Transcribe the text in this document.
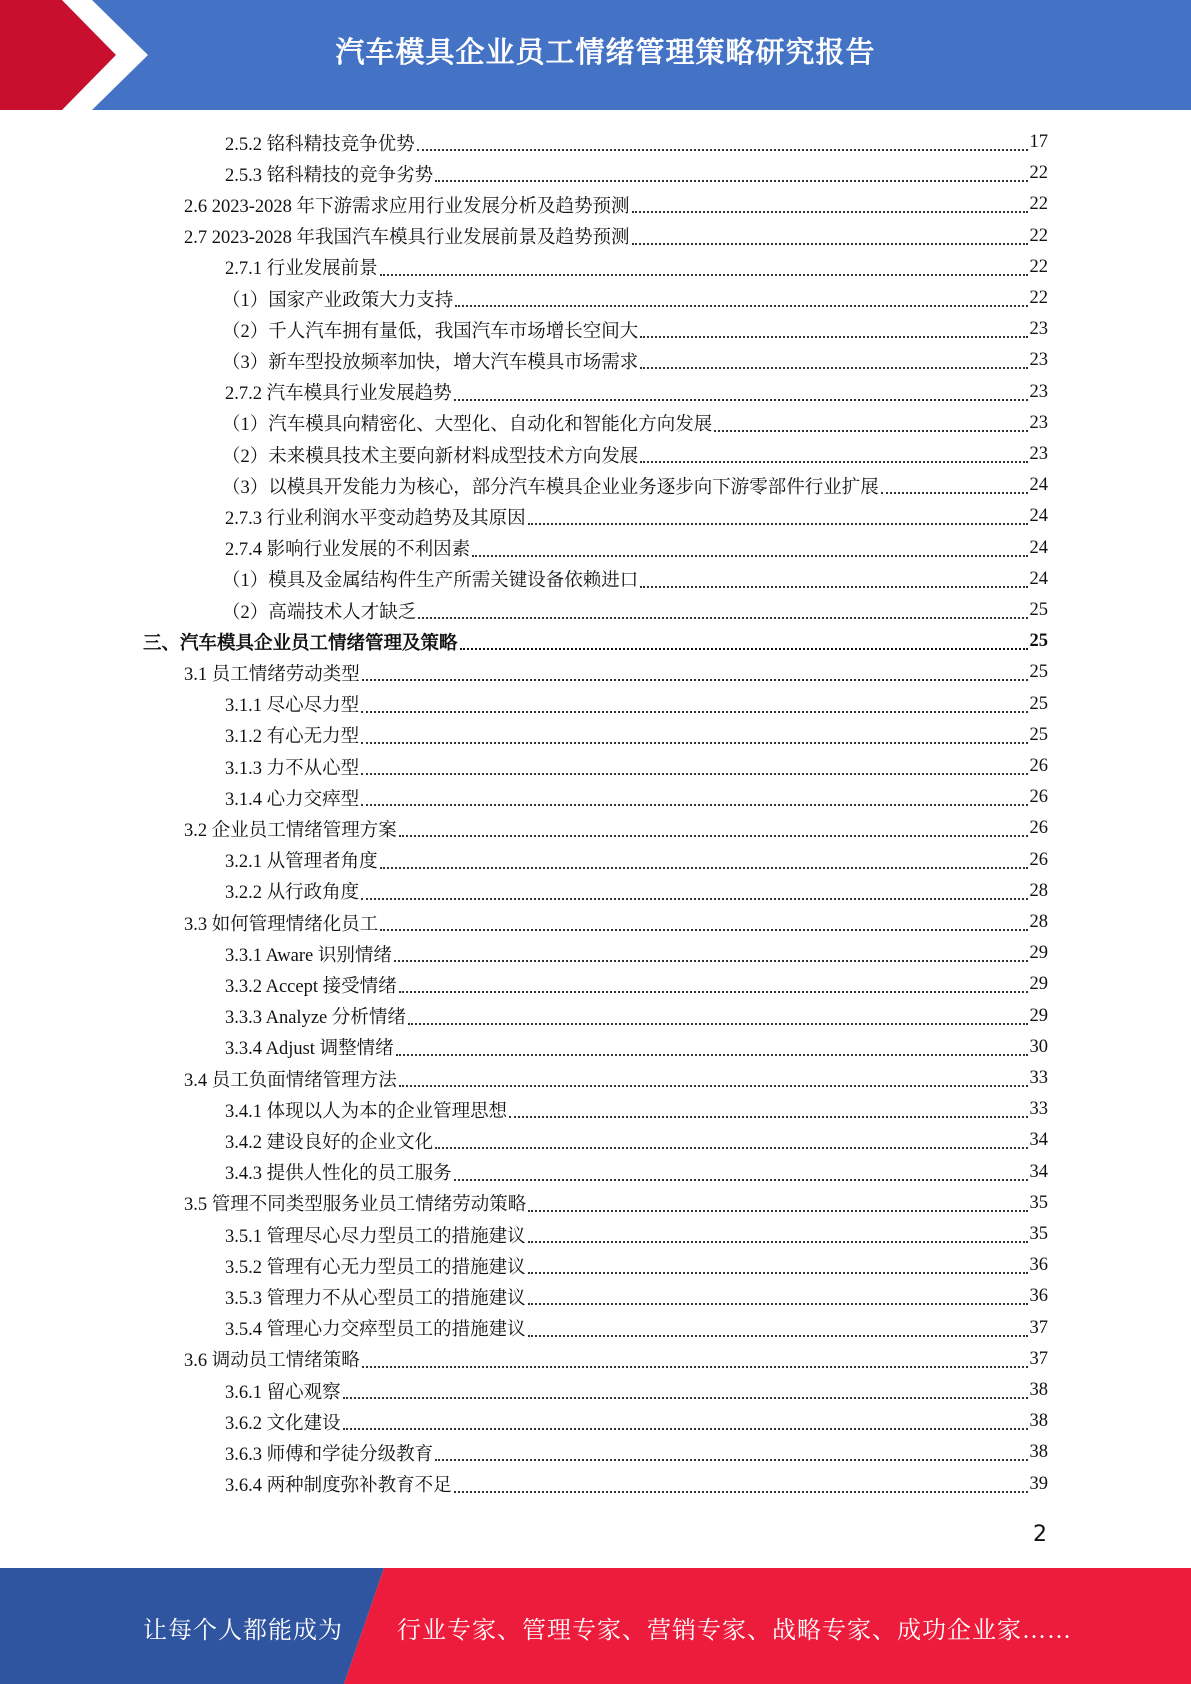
汽车模具企业员工情绪管理策略研究报告
2.5.2 铭科精技竞争优势	17
2.5.3 铭科精技的竞争劣势	22
2.6 2023-2028 年下游需求应用行业发展分析及趋势预测	22
2.7 2023-2028 年我国汽车模具行业发展前景及趋势预测	22
2.7.1 行业发展前景	22
（1）国家产业政策大力支持	22
（2）千人汽车拥有量低，我国汽车市场增长空间大	23
（3）新车型投放频率加快，增大汽车模具市场需求	23
2.7.2 汽车模具行业发展趋势	23
（1）汽车模具向精密化、大型化、自动化和智能化方向发展	23
（2）未来模具技术主要向新材料成型技术方向发展	23
（3）以模具开发能力为核心，部分汽车模具企业业务逐步向下游零部件行业扩展	24
2.7.3 行业利润水平变动趋势及其原因	24
2.7.4 影响行业发展的不利因素	24
（1）模具及金属结构件生产所需关键设备依赖进口	24
（2）高端技术人才缺乏	25
三、汽车模具企业员工情绪管理及策略	25
3.1 员工情绪劳动类型	25
3.1.1 尽心尽力型	25
3.1.2 有心无力型	25
3.1.3 力不从心型	26
3.1.4 心力交瘁型	26
3.2 企业员工情绪管理方案	26
3.2.1 从管理者角度	26
3.2.2 从行政角度	28
3.3 如何管理情绪化员工	28
3.3.1 Aware 识别情绪	29
3.3.2 Accept 接受情绪	29
3.3.3 Analyze 分析情绪	29
3.3.4 Adjust 调整情绪	30
3.4 员工负面情绪管理方法	33
3.4.1 体现以人为本的企业管理思想	33
3.4.2 建设良好的企业文化	34
3.4.3 提供人性化的员工服务	34
3.5 管理不同类型服务业员工情绪劳动策略	35
3.5.1 管理尽心尽力型员工的措施建议	35
3.5.2 管理有心无力型员工的措施建议	36
3.5.3 管理力不从心型员工的措施建议	36
3.5.4 管理心力交瘁型员工的措施建议	37
3.6 调动员工情绪策略	37
3.6.1 留心观察	38
3.6.2 文化建设	38
3.6.3 师傅和学徒分级教育	38
3.6.4 两种制度弥补教育不足	39
2
让每个人都能成为 行业专家、管理专家、营销专家、战略专家、成功企业家……
